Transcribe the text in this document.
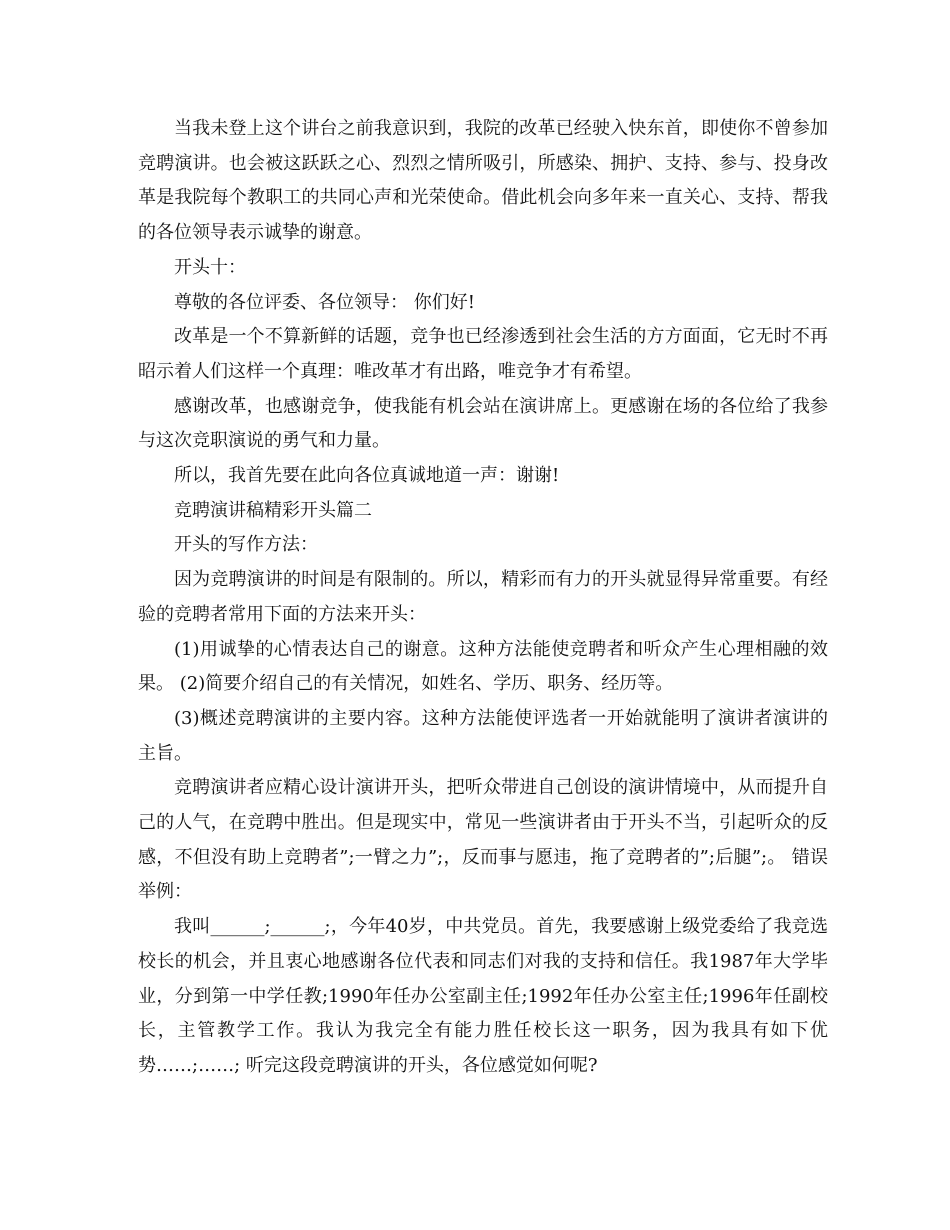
当我未登上这个讲台之前我意识到，我院的改革已经驶入快东首，即使你不曾参加竞聘演讲。也会被这跃跃之心、烈烈之情所吸引，所感染、拥护、支持、参与、投身改革是我院每个教职工的共同心声和光荣使命。借此机会向多年来一直关心、支持、帮我的各位领导表示诚挚的谢意。

开头十：

尊敬的各位评委、各位领导： 你们好!

改革是一个不算新鲜的话题，竞争也已经渗透到社会生活的方方面面，它无时不再昭示着人们这样一个真理：唯改革才有出路，唯竞争才有希望。

感谢改革，也感谢竞争，使我能有机会站在演讲席上。更感谢在场的各位给了我参与这次竞职演说的勇气和力量。

所以，我首先要在此向各位真诚地道一声：谢谢!

竞聘演讲稿精彩开头篇二

开头的写作方法：

因为竞聘演讲的时间是有限制的。所以，精彩而有力的开头就显得异常重要。有经验的竞聘者常用下面的方法来开头：

(1)用诚挚的心情表达自己的谢意。这种方法能使竞聘者和听众产生心理相融的效果。 (2)简要介绍自己的有关情况，如姓名、学历、职务、经历等。

(3)概述竞聘演讲的主要内容。这种方法能使评选者一开始就能明了演讲者演讲的主旨。

竞聘演讲者应精心设计演讲开头，把听众带进自己创设的演讲情境中，从而提升自己的人气，在竞聘中胜出。但是现实中，常见一些演讲者由于开头不当，引起听众的反感，不但没有助上竞聘者”;一臂之力”;，反而事与愿违，拖了竞聘者的”;后腿”;。 错误举例：

我叫______;______;，今年40岁，中共党员。首先，我要感谢上级党委给了我竞选校长的机会，并且衷心地感谢各位代表和同志们对我的支持和信任。我1987年大学毕业，分到第一中学任教;1990年任办公室副主任;1992年任办公室主任;1996年任副校长，主管教学工作。我认为我完全有能力胜任校长这一职务，因为我具有如下优势……;……; 听完这段竞聘演讲的开头，各位感觉如何呢?
